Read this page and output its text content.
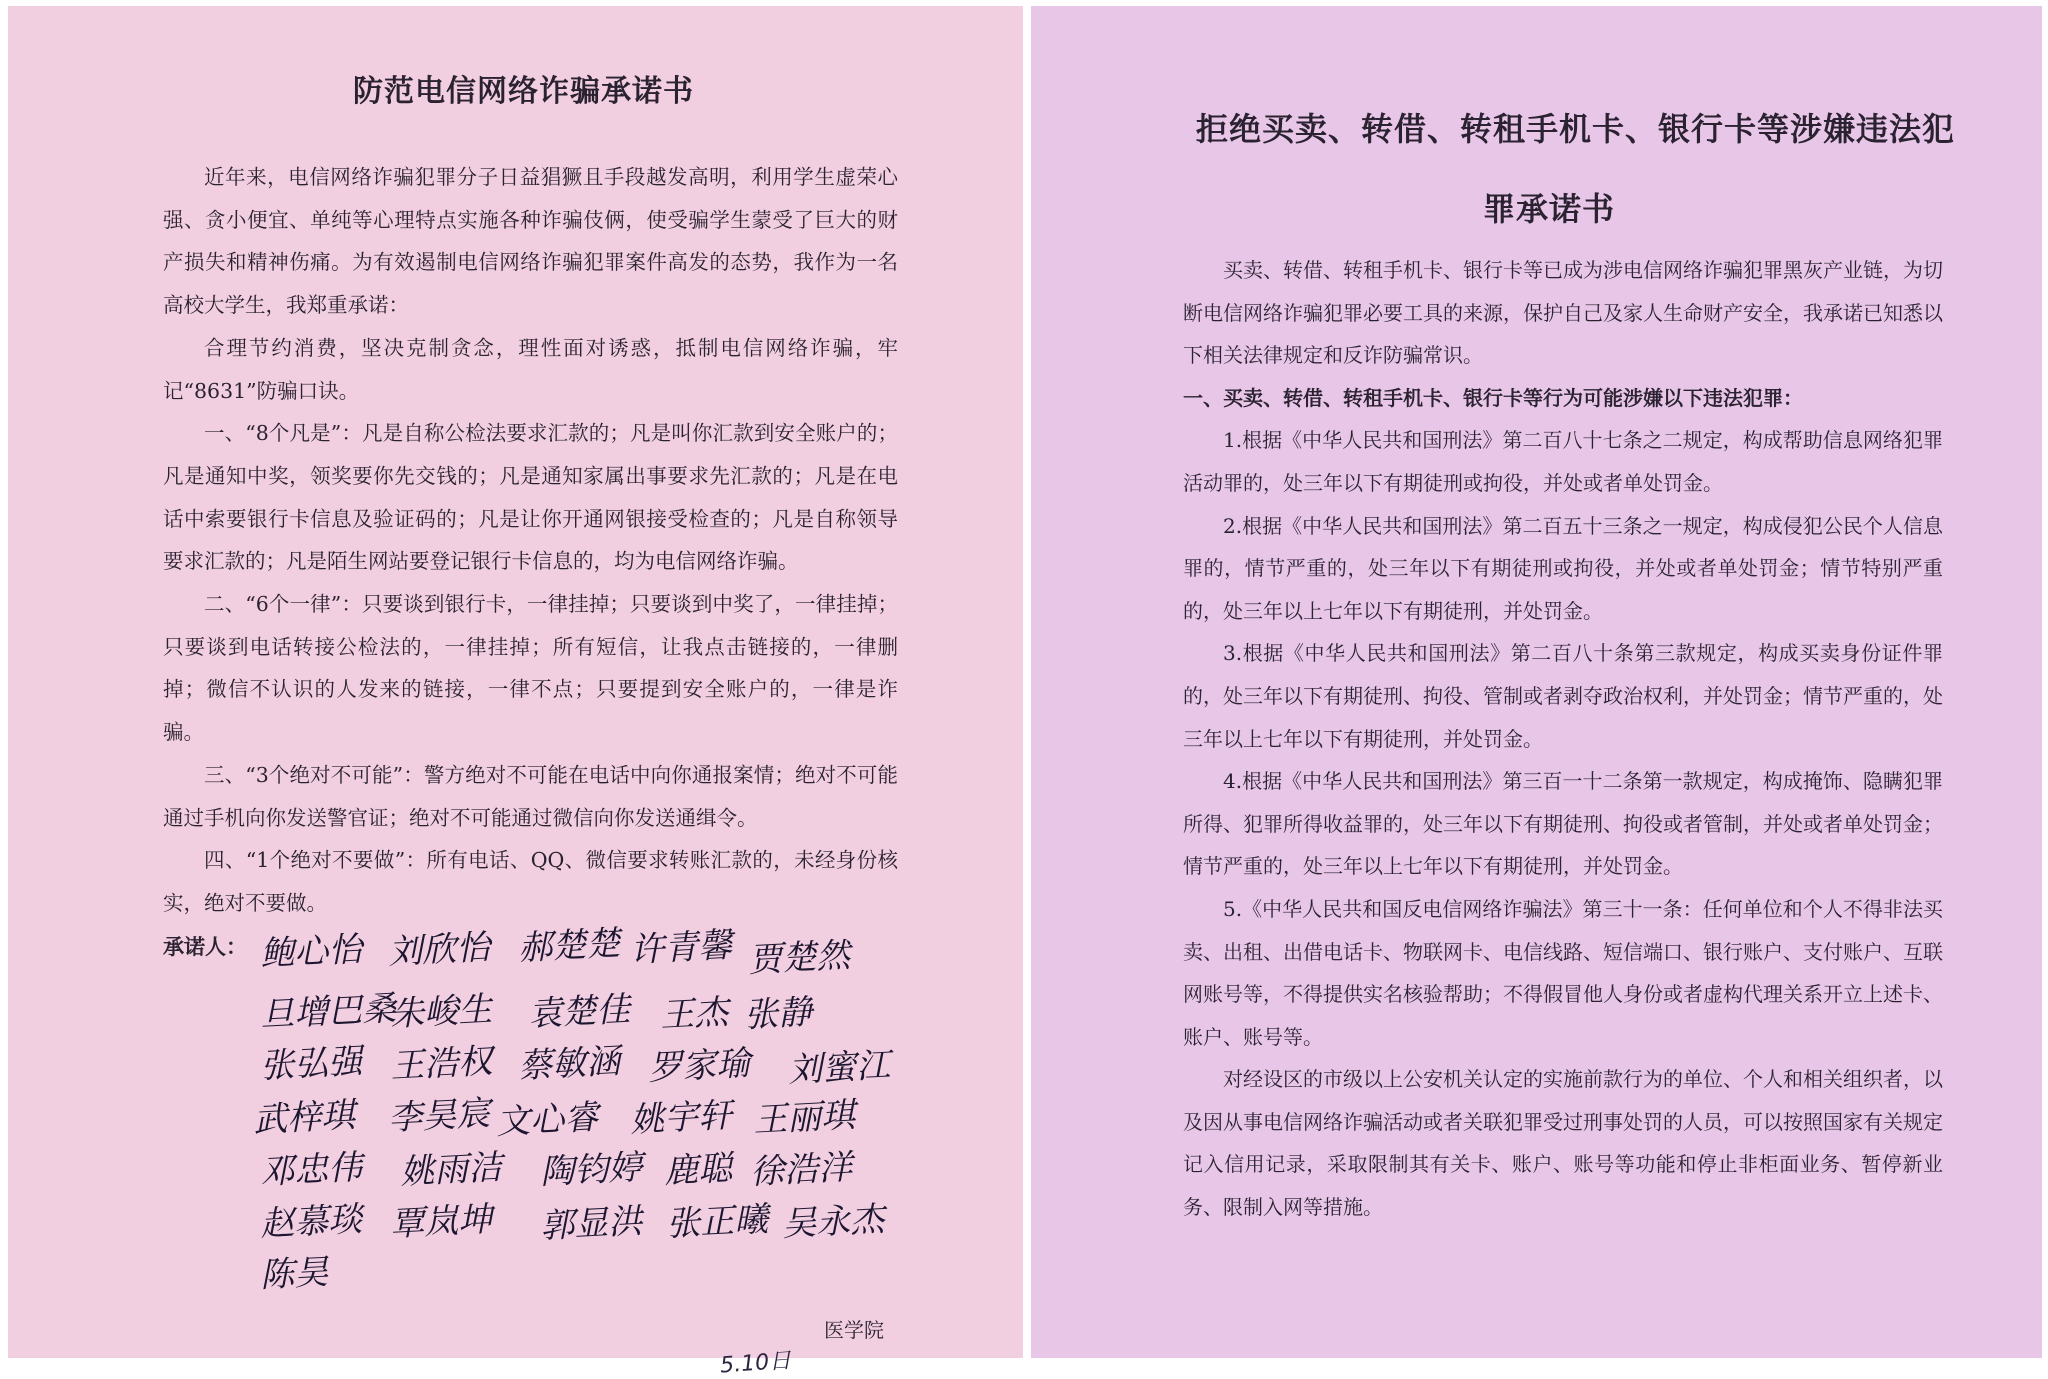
防范电信网络诈骗承诺书

近年来，电信网络诈骗犯罪分子日益猖獗且手段越发高明，利用学生虚荣心强、贪小便宜、单纯等心理特点实施各种诈骗伎俩，使受骗学生蒙受了巨大的财产损失和精神伤痛。为有效遏制电信网络诈骗犯罪案件高发的态势，我作为一名高校大学生，我郑重承诺：

合理节约消费，坚决克制贪念，理性面对诱惑，抵制电信网络诈骗，牢记“8631”防骗口诀。

一、“8个凡是”：凡是自称公检法要求汇款的；凡是叫你汇款到安全账户的；凡是通知中奖，领奖要你先交钱的；凡是通知家属出事要求先汇款的；凡是在电话中索要银行卡信息及验证码的；凡是让你开通网银接受检查的；凡是自称领导要求汇款的；凡是陌生网站要登记银行卡信息的，均为电信网络诈骗。

二、“6个一律”：只要谈到银行卡，一律挂掉；只要谈到中奖了，一律挂掉；只要谈到电话转接公检法的，一律挂掉；所有短信，让我点击链接的，一律删掉；微信不认识的人发来的链接，一律不点；只要提到安全账户的，一律是诈骗。

三、“3个绝对不可能”：警方绝对不可能在电话中向你通报案情；绝对不可能通过手机向你发送警官证；绝对不可能通过微信向你发送通缉令。

四、“1个绝对不要做”：所有电话、QQ、微信要求转账汇款的，未经身份核实，绝对不要做。

承诺人： 鲍心怡 刘欣怡 郝楚楚 许青馨 贾楚然
旦增巴桑
朱峻生 袁楚佳 王杰 张静
张弘强 王浩权 蔡敏涵 罗家瑜 刘蜜江
武梓琪 李昊宸 文心睿 姚宇轩 王丽琪
邓忠伟 姚雨洁 陶钧婷 鹿聪 徐浩洋
赵慕琰 覃岚坤 郭显洪 张正曦 吴永杰
陈昊
医学院
5.10日
拒绝买卖、转借、转租手机卡、银行卡等涉嫌违法犯
罪承诺书

买卖、转借、转租手机卡、银行卡等已成为涉电信网络诈骗犯罪黑灰产业链，为切断电信网络诈骗犯罪必要工具的来源，保护自己及家人生命财产安全，我承诺已知悉以下相关法律规定和反诈防骗常识。

一、买卖、转借、转租手机卡、银行卡等行为可能涉嫌以下违法犯罪：

1.根据《中华人民共和国刑法》第二百八十七条之二规定，构成帮助信息网络犯罪活动罪的，处三年以下有期徒刑或拘役，并处或者单处罚金。

2.根据《中华人民共和国刑法》第二百五十三条之一规定，构成侵犯公民个人信息罪的，情节严重的，处三年以下有期徒刑或拘役，并处或者单处罚金；情节特别严重的，处三年以上七年以下有期徒刑，并处罚金。

3.根据《中华人民共和国刑法》第二百八十条第三款规定，构成买卖身份证件罪的，处三年以下有期徒刑、拘役、管制或者剥夺政治权利，并处罚金；情节严重的，处三年以上七年以下有期徒刑，并处罚金。

4.根据《中华人民共和国刑法》第三百一十二条第一款规定，构成掩饰、隐瞒犯罪所得、犯罪所得收益罪的，处三年以下有期徒刑、拘役或者管制，并处或者单处罚金；情节严重的，处三年以上七年以下有期徒刑，并处罚金。

5.《中华人民共和国反电信网络诈骗法》第三十一条：任何单位和个人不得非法买卖、出租、出借电话卡、物联网卡、电信线路、短信端口、银行账户、支付账户、互联网账号等，不得提供实名核验帮助；不得假冒他人身份或者虚构代理关系开立上述卡、账户、账号等。

对经设区的市级以上公安机关认定的实施前款行为的单位、个人和相关组织者，以及因从事电信网络诈骗活动或者关联犯罪受过刑事处罚的人员，可以按照国家有关规定记入信用记录，采取限制其有关卡、账户、账号等功能和停止非柜面业务、暂停新业务、限制入网等措施。
